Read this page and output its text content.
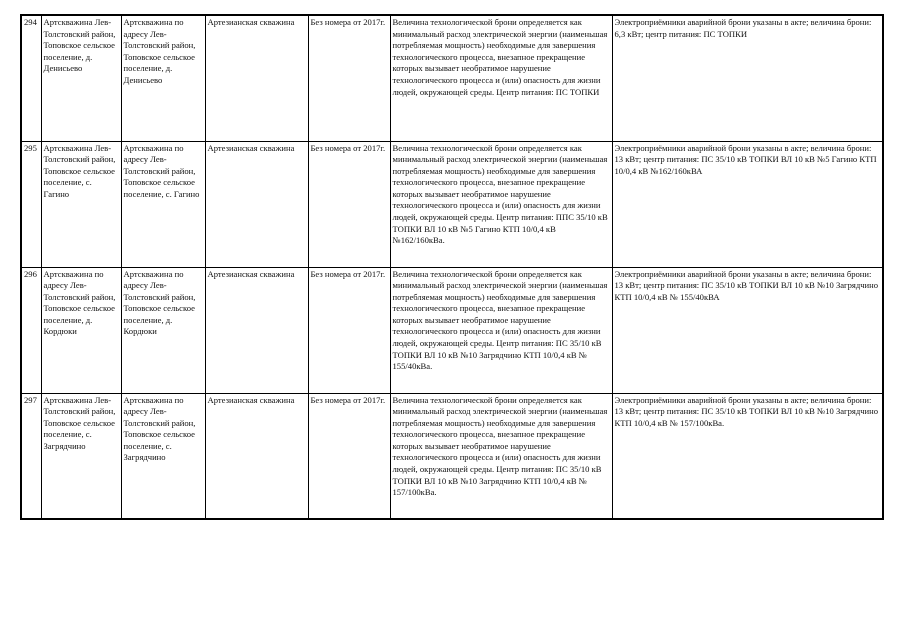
294	Артскважина Лев-Толстовский район, Топовское сельское поселение, д. Денисьево	Артскважина по адресу Лев-Толстовский район, Топовское сельское поселение, д. Денисьево	Артезианская скважина	Без номера от 2017г.	Величина технологической брони определяется как минимальный расход электрической энергии (наименьшая потребляемая мощность) необходимые для завершения технологического процесса, внезапное прекращение которых вызывает необратимое нарушение технологического процесса и (или) опасность для жизни людей, окружающей среды. Центр питания: ПС ТОПКИ	Электроприёмники аварийной брони указаны в акте; величина брони: 6,3 кВт; центр питания: ПС ТОПКИ
295	Артскважина Лев-Толстовский район, Топовское сельское поселение, с. Гагино	Артскважина по адресу Лев-Толстовский район, Топовское сельское поселение, с. Гагино	Артезианская скважина	Без номера от 2017г.	Величина технологической брони определяется как минимальный расход электрической энергии (наименьшая потребляемая мощность) необходимые для завершения технологического процесса, внезапное прекращение которых вызывает необратимое нарушение технологического процесса и (или) опасность для жизни людей, окружающей среды. Центр питания: ППС 35/10 кВ ТОПКИ ВЛ 10 кВ №5 Гагино КТП 10/0,4 кВ №162/160кВа.	Электроприёмники аварийной брони указаны в акте; величина брони: 13 кВт; центр питания: ПС 35/10 кВ ТОПКИ ВЛ 10 кВ №5 Гагино КТП 10/0,4 кВ №162/160кВА
296	Артскважина по адресу Лев-Толстовский район, Топовское сельское поселение, д. Кордюки	Артскважина по адресу Лев-Толстовский район, Топовское сельское поселение, д. Кордюки	Артезианская скважина	Без номера от 2017г.	Величина технологической брони определяется как минимальный расход электрической энергии (наименьшая потребляемая мощность) необходимые для завершения технологического процесса, внезапное прекращение которых вызывает необратимое нарушение технологического процесса и (или) опасность для жизни людей, окружающей среды. Центр питания: ПС 35/10 кВ ТОПКИ ВЛ 10 кВ №10 Загрядчино КТП 10/0,4 кВ № 155/40кВа.	Электроприёмники аварийной брони указаны в акте; величина брони: 13 кВт; центр питания: ПС 35/10 кВ ТОПКИ ВЛ 10 кВ №10 Загрядчино КТП 10/0,4 кВ № 155/40кВА
297	Артскважина Лев-Толстовский район, Топовское сельское поселение, с. Загрядчино	Артскважина по адресу Лев-Толстовский район, Топовское сельское поселение, с. Загрядчино	Артезианская скважина	Без номера от 2017г.	Величина технологической брони определяется как минимальный расход электрической энергии (наименьшая потребляемая мощность) необходимые для завершения технологического процесса, внезапное прекращение которых вызывает необратимое нарушение технологического процесса и (или) опасность для жизни людей, окружающей среды. Центр питания: ПС 35/10 кВ ТОПКИ ВЛ 10 кВ №10 Загрядчино КТП 10/0,4 кВ № 157/100кВа.	Электроприёмники аварийной брони указаны в акте; величина брони: 13 кВт; центр питания: ПС 35/10 кВ ТОПКИ ВЛ 10 кВ №10 Загрядчино КТП 10/0,4 кВ № 157/100кВа.
